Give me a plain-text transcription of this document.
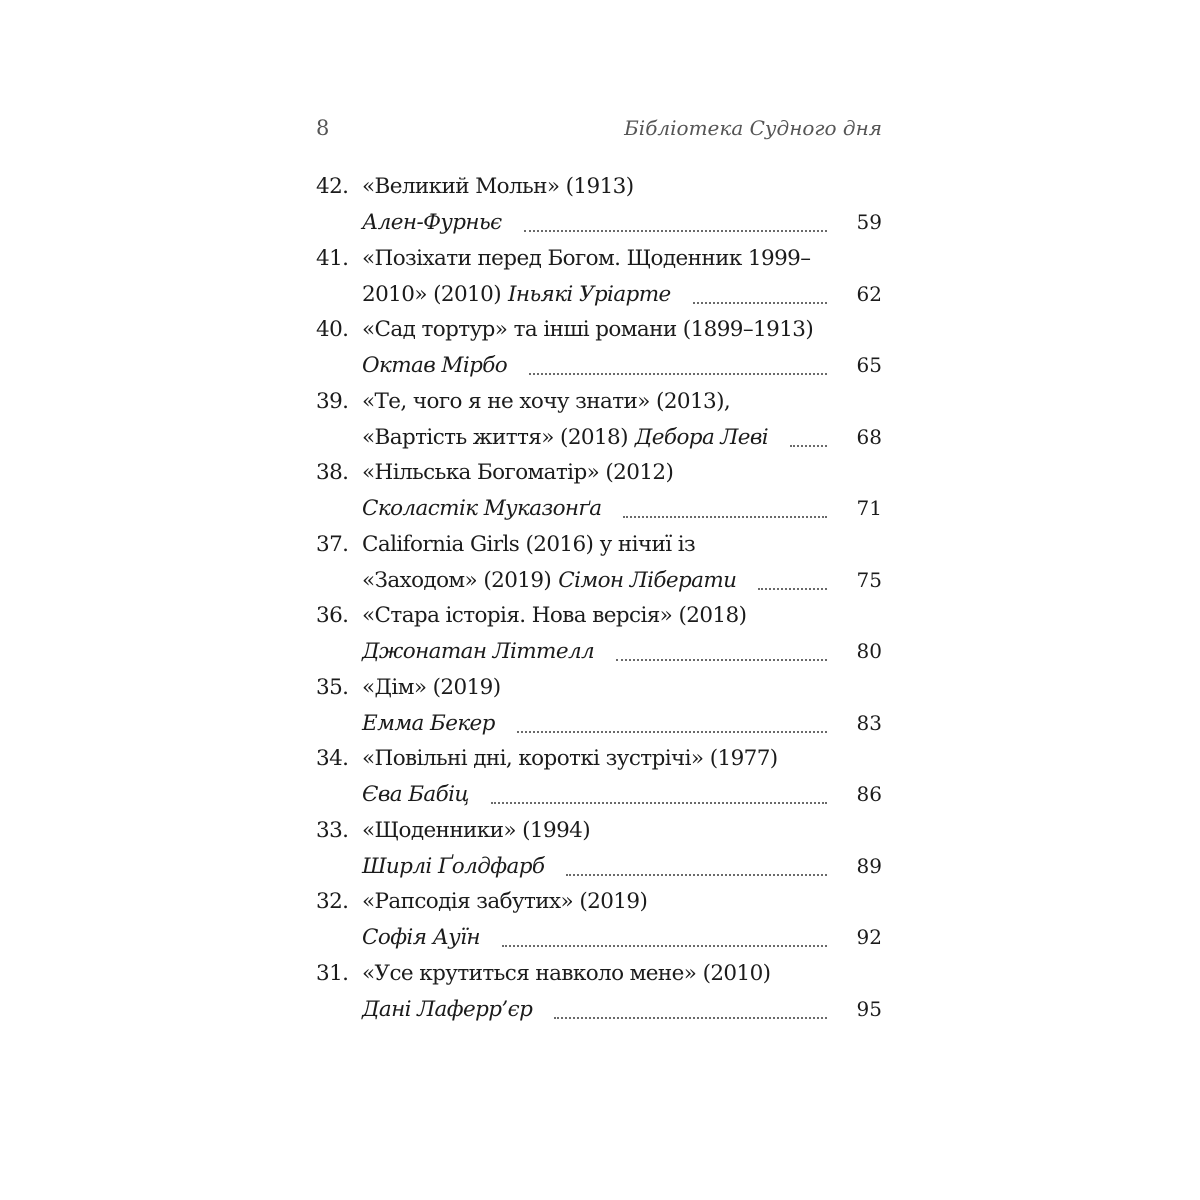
8	Бібліотека Судного дня
42. «Великий Мольн» (1913)
Ален-Фурньє	59
41. «Позіхати перед Богом. Щоденник 1999–
2010» (2010) Іньякі Уріарте	62
40. «Сад тортур» та інші романи (1899–1913)
Октав Мірбо	65
39. «Те, чого я не хочу знати» (2013),
«Вартість життя» (2018) Дебора Леві	68
38. «Нільська Богоматір» (2012)
Сколастік Муказонґа	71
37. California Girls (2016) у нічиї із
«Заходом» (2019) Сімон Ліберати	75
36. «Стара історія. Нова версія» (2018)
Джонатан Літтелл	80
35. «Дім» (2019)
Емма Бекер	83
34. «Повільні дні, короткі зустрічі» (1977)
Єва Бабіц	86
33. «Щоденники» (1994)
Ширлі Ґолдфарб	89
32. «Рапсодія забутих» (2019)
Софія Ауїн	92
31. «Усе крутиться навколо мене» (2010)
Дані Лаферр’єр	95
